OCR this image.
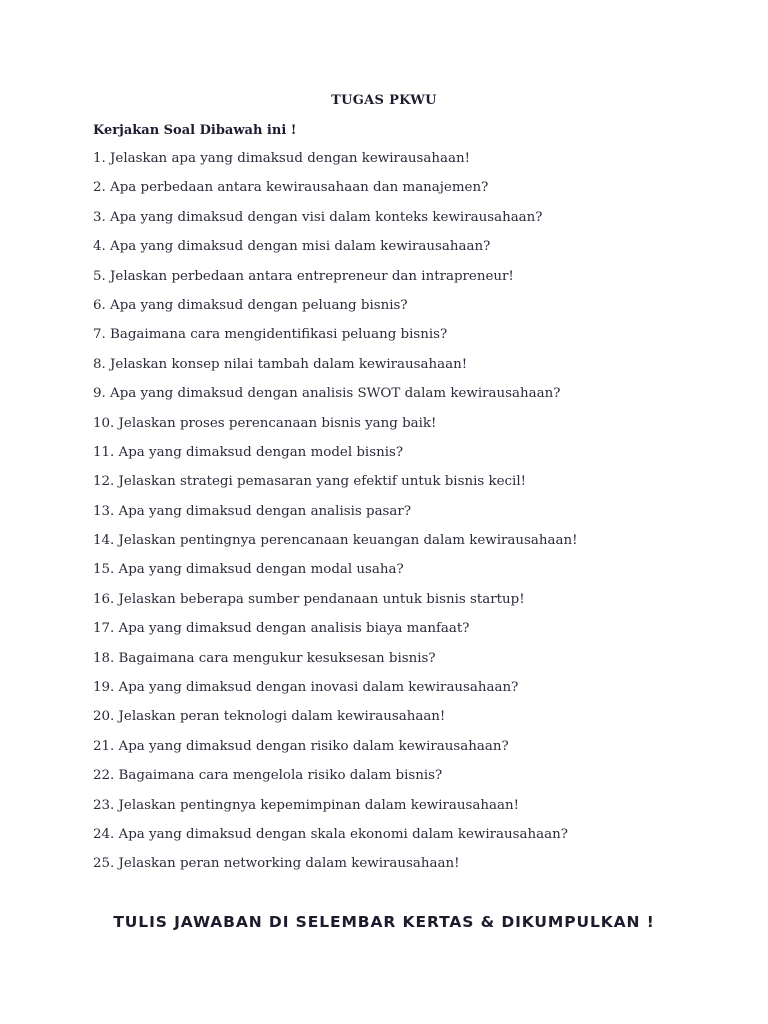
TUGAS PKWU
Kerjakan Soal Dibawah ini !
1. Jelaskan apa yang dimaksud dengan kewirausahaan!
2. Apa perbedaan antara kewirausahaan dan manajemen?
3. Apa yang dimaksud dengan visi dalam konteks kewirausahaan?
4. Apa yang dimaksud dengan misi dalam kewirausahaan?
5. Jelaskan perbedaan antara entrepreneur dan intrapreneur!
6. Apa yang dimaksud dengan peluang bisnis?
7. Bagaimana cara mengidentifikasi peluang bisnis?
8. Jelaskan konsep nilai tambah dalam kewirausahaan!
9. Apa yang dimaksud dengan analisis SWOT dalam kewirausahaan?
10. Jelaskan proses perencanaan bisnis yang baik!
11. Apa yang dimaksud dengan model bisnis?
12. Jelaskan strategi pemasaran yang efektif untuk bisnis kecil!
13. Apa yang dimaksud dengan analisis pasar?
14. Jelaskan pentingnya perencanaan keuangan dalam kewirausahaan!
15. Apa yang dimaksud dengan modal usaha?
16. Jelaskan beberapa sumber pendanaan untuk bisnis startup!
17. Apa yang dimaksud dengan analisis biaya manfaat?
18. Bagaimana cara mengukur kesuksesan bisnis?
19. Apa yang dimaksud dengan inovasi dalam kewirausahaan?
20. Jelaskan peran teknologi dalam kewirausahaan!
21. Apa yang dimaksud dengan risiko dalam kewirausahaan?
22. Bagaimana cara mengelola risiko dalam bisnis?
23. Jelaskan pentingnya kepemimpinan dalam kewirausahaan!
24. Apa yang dimaksud dengan skala ekonomi dalam kewirausahaan?
25. Jelaskan peran networking dalam kewirausahaan!
TULIS JAWABAN DI SELEMBAR KERTAS & DIKUMPULKAN !
